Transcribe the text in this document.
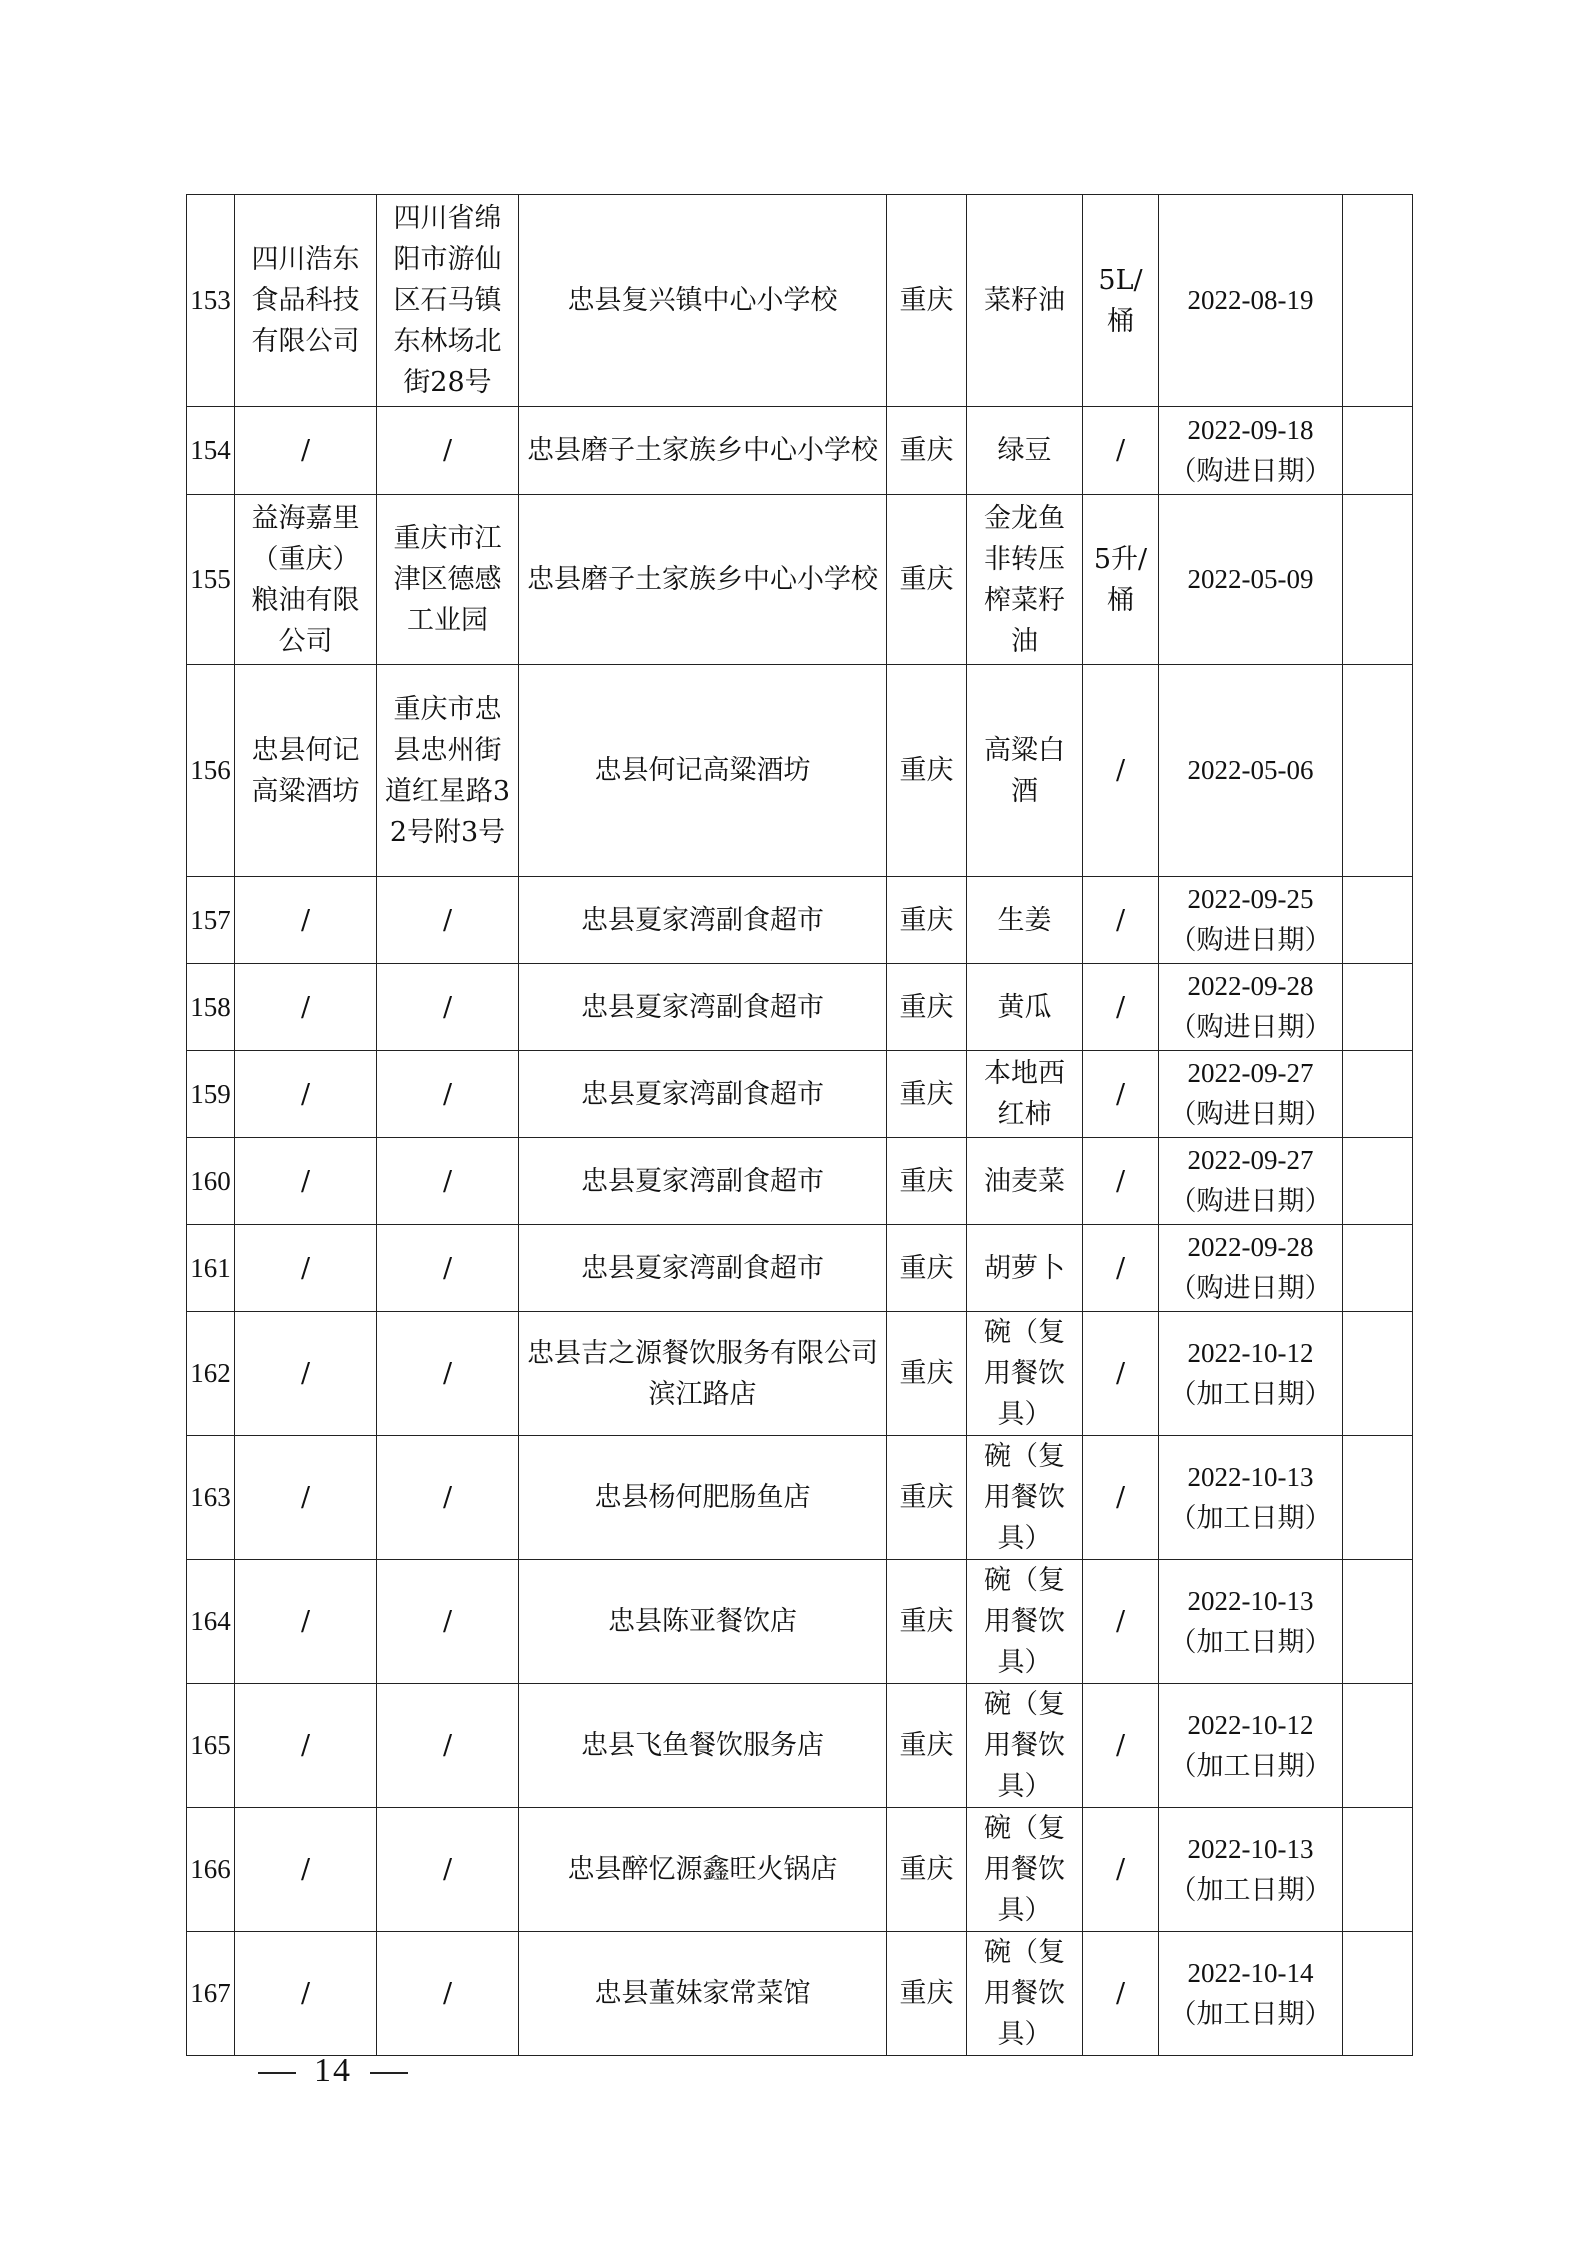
153	四川浩东食品科技有限公司	四川省绵阳市游仙区石马镇东林场北街28号	忠县复兴镇中心小学校	重庆	菜籽油	5L/桶	2022-08-19	

154	/	/	忠县磨子土家族乡中心小学校	重庆	绿豆	/	2022-09-18
（购进日期）	

155	益海嘉里（重庆）粮油有限公司	重庆市江津区德感工业园	忠县磨子土家族乡中心小学校	重庆	金龙鱼非转压榨菜籽油	5升/桶	2022-05-09	

156	忠县何记高粱酒坊	重庆市忠县忠州街道红星路32号附3号	忠县何记高粱酒坊	重庆	高粱白酒	/	2022-05-06	

157	/	/	忠县夏家湾副食超市	重庆	生姜	/	2022-09-25
（购进日期）	

158	/	/	忠县夏家湾副食超市	重庆	黄瓜	/	2022-09-28
（购进日期）	

159	/	/	忠县夏家湾副食超市	重庆	本地西红柿	/	2022-09-27
（购进日期）	

160	/	/	忠县夏家湾副食超市	重庆	油麦菜	/	2022-09-27
（购进日期）	

161	/	/	忠县夏家湾副食超市	重庆	胡萝卜	/	2022-09-28
（购进日期）	

162	/	/	忠县吉之源餐饮服务有限公司滨江路店	重庆	碗（复用餐饮具）	/	2022-10-12
（加工日期）	

163	/	/	忠县杨何肥肠鱼店	重庆	碗（复用餐饮具）	/	2022-10-13
（加工日期）	

164	/	/	忠县陈亚餐饮店	重庆	碗（复用餐饮具）	/	2022-10-13
（加工日期）	

165	/	/	忠县飞鱼餐饮服务店	重庆	碗（复用餐饮具）	/	2022-10-12
（加工日期）	

166	/	/	忠县醉忆源鑫旺火锅店	重庆	碗（复用餐饮具）	/	2022-10-13
（加工日期）	

167	/	/	忠县董妹家常菜馆	重庆	碗（复用餐饮具）	/	2022-10-14
（加工日期）	

14
